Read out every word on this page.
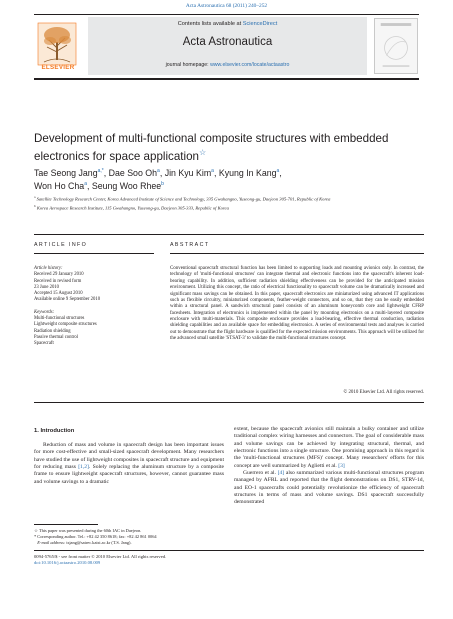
Acta Astronautica 68 (2011) 240–252
ELSEVIER
Contents lists available at ScienceDirect
Acta Astronautica
journal homepage: www.elsevier.com/locate/actaastro
Development of multi-functional composite structures with embedded electronics for space application☆
Tae Seong Jang$^{a,*}$, Dae Soo Oh$^a$, Jin Kyu Kim$^a$, Kyung In Kang$^a$,
Won Ho Cha$^a$, Seung Woo Rhee$^b$
$^a$ Satellite Technology Research Center, Korea Advanced Institute of Science and Technology, 335 Gwahangno, Yuseong-gu, Daejeon 305-701, Republic of Korea
$^b$ Korea Aerospace Research Institute, 115 Gwahangno, Yuseong-gu, Daejeon 305-333, Republic of Korea
ARTICLE INFO	ABSTRACT
Article history:
Received 29 January 2010
Received in revised form
23 June 2010
Accepted 15 August 2010
Available online 9 September 2010
Keywords:
Multi-functional structures
Lightweight composite structures
Radiation shielding
Passive thermal control
Spacecraft
Conventional spacecraft structural function has been limited to supporting loads and mounting avionics only. In contrast, the technology of 'multi-functional structures' can integrate thermal and electronic functions into the spacecraft's inherent load-bearing capability. In addition, sufficient radiation shielding effectiveness can be provided for the anticipated mission environment. Utilizing this concept, the ratio of electrical functionality to spacecraft volume can be dramatically increased and significant mass savings can be obtained. In this paper, spacecraft electronics are miniaturized using advanced IT applications such as flexible circuitry, miniaturized components, feather-weight connectors, and so on, that they can be easily embedded within a structural panel. A sandwich structural panel consists of an aluminum honeycomb core and lightweight CFRP facesheets. Integration of electronics is implemented within the panel by mounting electronics on a multi-layered composite enclosure with multi-materials. This composite enclosure provides a load-bearing, effective thermal conduction, radiation shielding capabilities and an available space for embedding electronics. A series of environmental tests and analyses is carried out to demonstrate that the flight hardware is qualified for the expected mission environments. This approach will be utilized for the advanced small satellite 'STSAT-3' to validate the multi-functional structures concept.
© 2010 Elsevier Ltd. All rights reserved.
1. Introduction

Reduction of mass and volume in spacecraft design has been important issues for more cost-effective and small-sized spacecraft development. Many researchers have studied the use of lightweight composites in spacecraft structure and equipment for reducing mass [1,2]. Solely replacing the aluminum structure by a composite frame to ensure lightweight spacecraft structures, however, cannot guarantee mass and volume savings to a dramatic

extent, because the spacecraft avionics still maintain a bulky container and utilize traditional complex wiring harnesses and connectors. The goal of considerable mass and volume savings can be achieved by integrating structural, thermal, and electronic functions into a single structure. One promising approach in this regard is the 'multi-functional structures (MFS)' concept. Many researchers' efforts for this concept are well summarized by Aglietti et al. [3]

Guerrero et al. [4] also summarized various multi-functional structures program managed by AFRL and reported that the flight demonstrations on DS1, STRV-1d, and EO-1 spacecrafts could potentially revolutionize the efficiency of spacecraft structures in terms of mass and volume savings. DS1 spacecraft successfully demonstrated

☆ This paper was presented during the 60th IAC in Daejeon.
* Corresponding author. Tel.: +82 42 350 8618; fax: +82 42 861 0064
E-mail address: tsjang@satrec.kaist.ac.kr (T.S. Jang).
0094-5765/$ - see front matter © 2010 Elsevier Ltd. All rights reserved.
doi:10.1016/j.actaastro.2010.08.009
